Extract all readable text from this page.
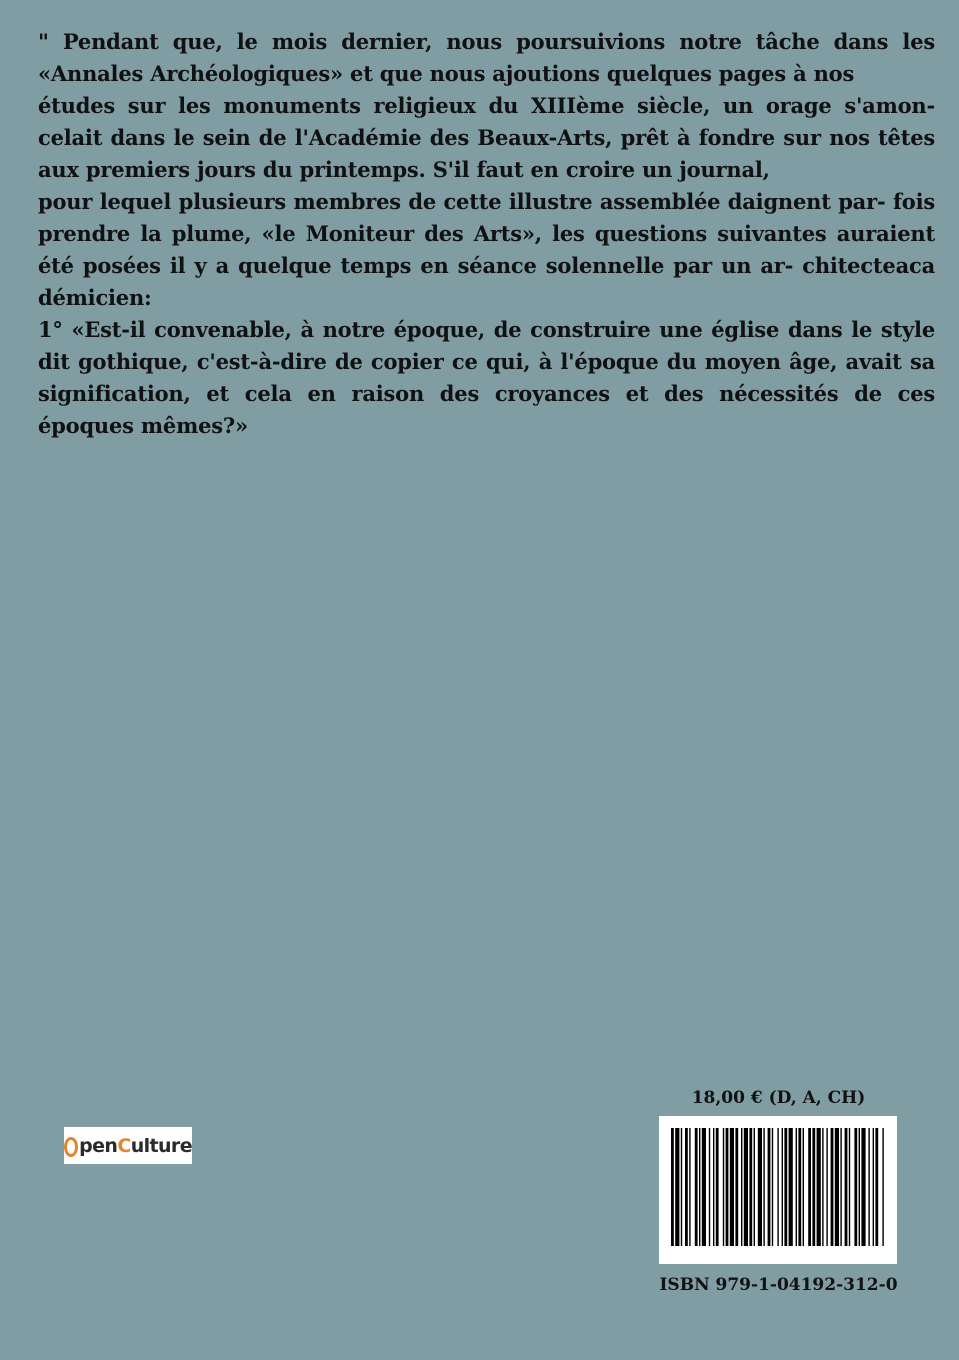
" Pendant que, le mois dernier, nous poursuivions notre tâche dans les «Annales Archéologiques» et que nous ajoutions quelques pages à nos

études sur les monuments religieux du XIIIème siècle, un orage s'amon- celait dans le sein de l'Académie des Beaux-Arts, prêt à fondre sur nos têtes aux premiers jours du printemps. S'il faut en croire un journal,

pour lequel plusieurs membres de cette illustre assemblée daignent par- fois prendre la plume, «le Moniteur des Arts», les questions suivantes auraient été posées il y a quelque temps en séance solennelle par un ar- chitecteaca démicien:

1° «Est-il convenable, à notre époque, de construire une église dans le style dit gothique, c'est-à-dire de copier ce qui, à l'époque du moyen âge, avait sa signification, et cela en raison des croyances et des nécessités de ces époques mêmes?»

pen C ulture
18,00 € (D, A, CH)
ISBN 979-1-04192-312-0
